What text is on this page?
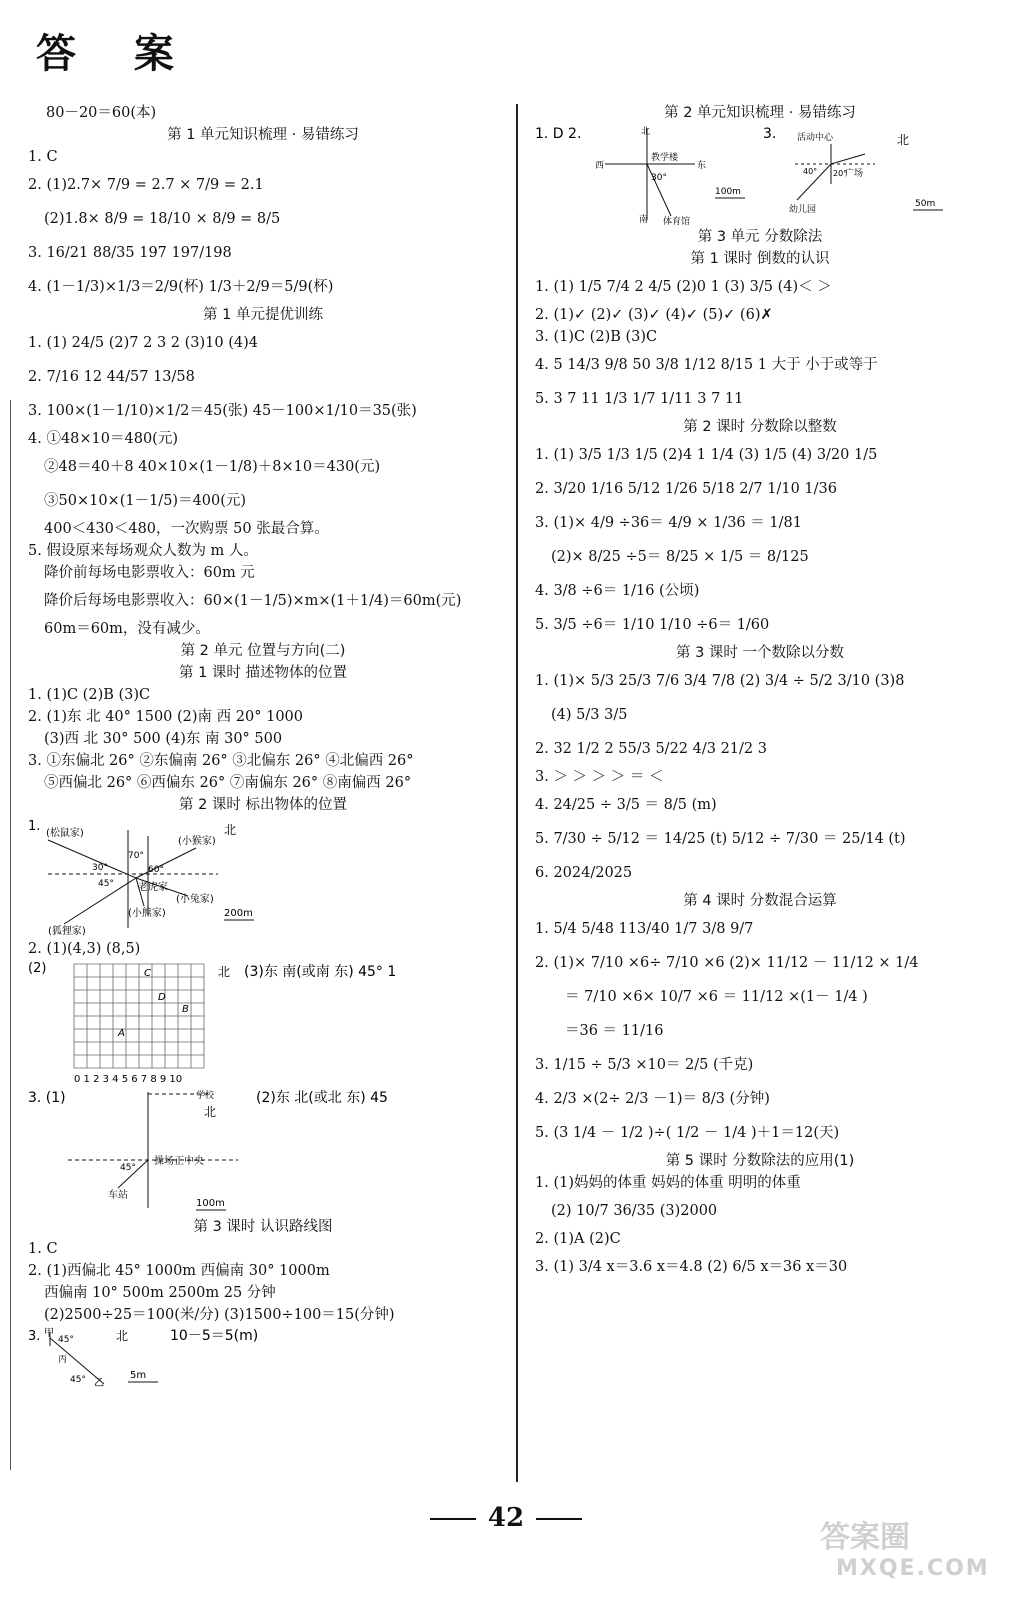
答 案
80－20＝60(本)
第 1 单元知识梳理 · 易错练习
1. C
2. (1)2.7× 7/9 = 2.7 × 7/9 = 2.1
(2)1.8× 8/9 = 18/10 × 8/9 = 8/5
3. 16/21 88/35 197 197/198
4. (1－1/3)×1/3＝2/9(杯) 1/3＋2/9＝5/9(杯)
第 1 单元提优训练
1. (1) 24/5 (2)7 2 3 2 (3)10 (4)4
2. 7/16 12 44/57 13/58
3. 100×(1－1/10)×1/2＝45(张) 45－100×1/10＝35(张)
4. ①48×10＝480(元)
②48＝40＋8 40×10×(1－1/8)＋8×10＝430(元)
③50×10×(1－1/5)＝400(元)
400＜430＜480，一次购票 50 张最合算。
5. 假设原来每场观众人数为 m 人。
降价前每场电影票收入：60m 元
降价后每场电影票收入：60×(1－1/5)×m×(1＋1/4)＝60m(元)
60m＝60m，没有减少。
第 2 单元 位置与方向(二)
第 1 课时 描述物体的位置
1. (1)C (2)B (3)C
2. (1)东 北 40° 1500 (2)南 西 20° 1000
(3)西 北 30° 500 (4)东 南 30° 500
3. ①东偏北 26° ②东偏南 26° ③北偏东 26° ④北偏西 26°
⑤西偏北 26° ⑥西偏东 26° ⑦南偏东 26° ⑧南偏西 26°
第 2 课时 标出物体的位置
1. (松鼠家)
(小猴家)
老虎家
(小兔家)
(狐狸家)
(小熊家)
70°
30°
45°
60°
200m
北
2. (1)(4,3) (8,5)
(2)
0 1 2 3 4 5 6 7 8 9 10
A
B
C
D
北 (3)东 南(或南 东) 45° 1
3. (1)	(2)东 北(或北 东) 45
学校
操场正中央
车站
45°
北
100m
第 3 课时 认识路线图
1. C
2. (1)西偏北 45° 1000m 西偏南 30° 1000m
西偏南 10° 500m 2500m 25 分钟
(2)2500÷25＝100(米/分) (3)1500÷100＝15(分钟)
3. 甲
丙
乙
45°
45°
北	10－5＝5(m)
5m
第 2 单元知识梳理 · 易错练习
1. D 2.	北
西	东
南
教学楼
体育馆
30°
100m
3. 活动中心
广场
幼儿园
40° 20°
北
50m
第 3 单元 分数除法
第 1 课时 倒数的认识
1. (1) 1/5 7/4 2 4/5 (2)0 1 (3) 3/5 (4)＜ ＞
2. (1)✓ (2)✓ (3)✓ (4)✓ (5)✓ (6)✗
3. (1)C (2)B (3)C
4. 5 14/3 9/8 50 3/8 1/12 8/15 1 大于 小于或等于
5. 3 7 11 1/3 1/7 1/11 3 7 11
第 2 课时 分数除以整数
1. (1) 3/5 1/3 1/5 (2)4 1 1/4 (3) 1/5 (4) 3/20 1/5
2. 3/20 1/16 5/12 1/26 5/18 2/7 1/10 1/36
3. (1)× 4/9 ÷36＝ 4/9 × 1/36 ＝ 1/81
(2)× 8/25 ÷5＝ 8/25 × 1/5 ＝ 8/125
4. 3/8 ÷6＝ 1/16 (公顷)
5. 3/5 ÷6＝ 1/10 1/10 ÷6＝ 1/60
第 3 课时 一个数除以分数
1. (1)× 5/3 25/3 7/6 3/4 7/8 (2) 3/4 ÷ 5/2 3/10 (3)8
(4) 5/3 3/5
2. 32 1/2 2 55/3 5/22 4/3 21/2 3
3. ＞ ＞ ＞ ＞ ＝ ＜
4. 24/25 ÷ 3/5 ＝ 8/5 (m)
5. 7/30 ÷ 5/12 ＝ 14/25 (t) 5/12 ÷ 7/30 ＝ 25/14 (t)
6. 2024/2025
第 4 课时 分数混合运算
1. 5/4 5/48 113/40 1/7 3/8 9/7
2. (1)× 7/10 ×6÷ 7/10 ×6 (2)× 11/12 － 11/12 × 1/4
＝ 7/10 ×6× 10/7 ×6 ＝ 11/12 ×(1－ 1/4 )
＝36 ＝ 11/16
3. 1/15 ÷ 5/3 ×10＝ 2/5 (千克)
4. 2/3 ×(2÷ 2/3 －1)＝ 8/3 (分钟)
5. (3 1/4 － 1/2 )÷( 1/2 － 1/4 )＋1＝12(天)
第 5 课时 分数除法的应用(1)
1. (1)妈妈的体重 妈妈的体重 明明的体重
(2) 10/7 36/35 (3)2000
2. (1)A (2)C
3. (1) 3/4 x＝3.6 x＝4.8 (2) 6/5 x＝36 x＝30
42
答案圈
MXQE.COM
